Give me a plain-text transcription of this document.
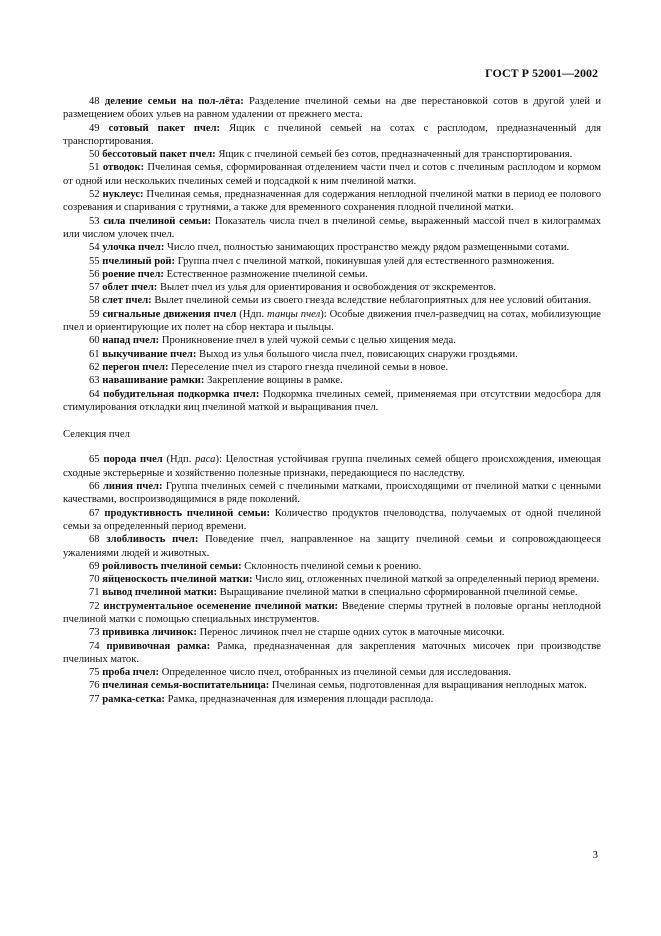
ГОСТ Р 52001—2002

48 деление семьи на пол-лёта: Разделение пчелиной семьи на две перестановкой сотов в другой улей и размещением обоих ульев на равном удалении от прежнего места.

49 сотовый пакет пчел: Ящик с пчелиной семьей на сотах с расплодом, предназначенный для транспортирования.

50 бессотовый пакет пчел: Ящик с пчелиной семьей без сотов, предназначенный для транспортирования.

51 отводок: Пчелиная семья, сформированная отделением части пчел и сотов с пчелиным расплодом и кормом от одной или нескольких пчелиных семей и подсадкой к ним пчелиной матки.

52 нуклеус: Пчелиная семья, предназначенная для содержания неплодной пчелиной матки в период ее полового созревания и спаривания с трутнями, а также для временного сохранения плодной пчелиной матки.

53 сила пчелиной семьи: Показатель числа пчел в пчелиной семье, выраженный массой пчел в килограммах или числом улочек пчел.

54 улочка пчел: Число пчел, полностью занимающих пространство между рядом размещенными сотами.

55 пчелиный рой: Группа пчел с пчелиной маткой, покинувшая улей для естественного размножения.

56 роение пчел: Естественное размножение пчелиной семьи.

57 облет пчел: Вылет пчел из улья для ориентирования и освобождения от экскрементов.

58 слет пчел: Вылет пчелиной семьи из своего гнезда вследствие неблагоприятных для нее условий обитания.

59 сигнальные движения пчел (Ндп. танцы пчел): Особые движения пчел-разведчиц на сотах, мобилизующие пчел и ориентирующие их полет на сбор нектара и пыльцы.

60 напад пчел: Проникновение пчел в улей чужой семьи с целью хищения меда.

61 выкучивание пчел: Выход из улья большого числа пчел, повисающих снаружи гроздьями.

62 перегон пчел: Переселение пчел из старого гнезда пчелиной семьи в новое.

63 навашивание рамки: Закрепление вощины в рамке.

64 побудительная подкормка пчел: Подкормка пчелиных семей, применяемая при отсутствии медосбора для стимулирования откладки яиц пчелиной маткой и выращивания пчел.

Селекция пчел

65 порода пчел (Ндп. раса): Целостная устойчивая группа пчелиных семей общего происхождения, имеющая сходные экстерьерные и хозяйственно полезные признаки, передающиеся по наследству.

66 линия пчел: Группа пчелиных семей с пчелиными матками, происходящими от пчелиной матки с ценными качествами, воспроизводящимися в ряде поколений.

67 продуктивность пчелиной семьи: Количество продуктов пчеловодства, получаемых от одной пчелиной семьи за определенный период времени.

68 злобливость пчел: Поведение пчел, направленное на защиту пчелиной семьи и сопровождающееся ужалениями людей и животных.

69 ройливость пчелиной семьи: Склонность пчелиной семьи к роению.

70 яйценоскость пчелиной матки: Число яиц, отложенных пчелиной маткой за определенный период времени.

71 вывод пчелиной матки: Выращивание пчелиной матки в специально сформированной пчелиной семье.

72 инструментальное осеменение пчелиной матки: Введение спермы трутней в половые органы неплодной пчелиной матки с помощью специальных инструментов.

73 прививка личинок: Перенос личинок пчел не старше одних суток в маточные мисочки.

74 прививочная рамка: Рамка, предназначенная для закрепления маточных мисочек при производстве пчелиных маток.

75 проба пчел: Определенное число пчел, отобранных из пчелиной семьи для исследования.

76 пчелиная семья-воспитательница: Пчелиная семья, подготовленная для выращивания неплодных маток.

77 рамка-сетка: Рамка, предназначенная для измерения площади расплода.

3
